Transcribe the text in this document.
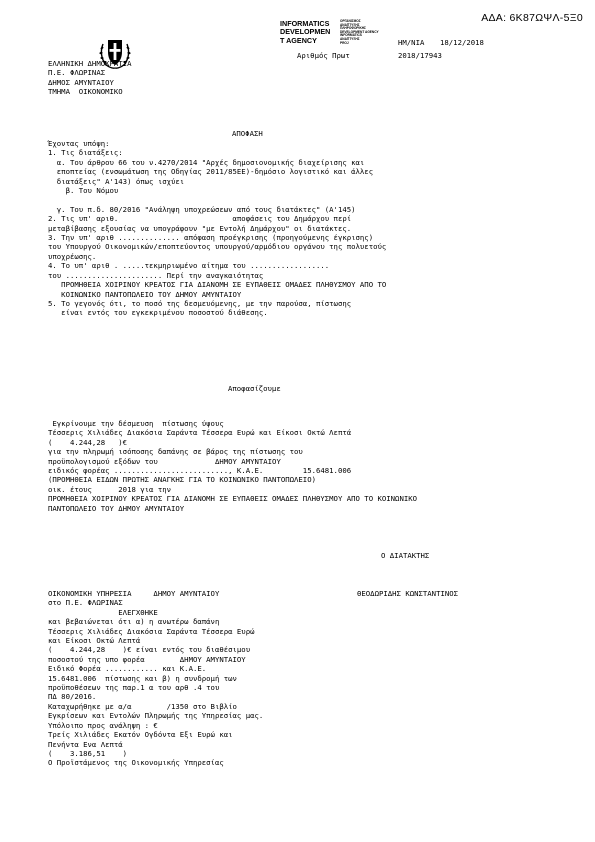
ΑΔΑ: 6Κ87ΩΨΛ-5Ξ0
INFORMATICS
DEVELOPMEN
T AGENCY
ΟΡΓΑΝΙΣΜΟΣ
ΑΝΑΠΤΥΞΗΣ
ΠΛΗΡΟΦΟΡΙΚΗΣ
DEVELOPMENT AGENCY
INFORMATICS
ΑΝΑΠΤΥΞΗΣ
PROJ	ΗΜ/ΝΙΑ 18/12/2018
Αριθμός Πρωτ	2018/17943

ΕΛΛΗΝΙΚΗ ΔΗΜΟΚΡΑΤΙΑ
Π.Ε. ΦΛΩΡΙΝΑΣ
ΔΗΜΟΣ ΑΜΥΝΤΑΙΟΥ
ΤΜΗΜΑ  ΟΙΚΟΝΟΜΙΚΟ
ΑΠΟΦΑΣΗ
Έχοντας υπόψη:
1. Τις διατάξεις:
α. Του άρθρου 66 του ν.4270/2014 "Αρχές δημοσιονομικής διαχείρισης και
εποπτείας (ενσωμάτωση της Οδηγίας 2011/85ΕΕ)-δημόσιο λογιστικό και άλλες
διατάξεις" Α'143) όπως ισχύει
β. Του Νόμου

γ. Του π.δ. 80/2016 "Ανάληψη υποχρεώσεων από τους διατάκτες" (Α'145)
2. Τις υπ' αριθ.                          αποφάσεις του Δημάρχου περί
μεταβίβασης εξουσίας να υπογράφουν "με Εντολή Δημάρχου" οι διατάκτες.
3. Την υπ' αριθ .............. απόφαση προέγκρισης (προηγούμενης έγκρισης)
του Υπουργού Οικονομικών/εποπτεύοντος υπουργού/αρμόδιου οργάνου της πολυετούς
υποχρέωσης.
4. Το υπ' αριθ . .....τεκμηριωμένο αίτημα του ..................
του ...................... Περί την αναγκαιότητας
ΠΡΟΜΗΘΕΙΑ ΧΟΙΡΙΝΟΥ ΚΡΕΑΤΟΣ ΓΙΑ ΔΙΑΝΟΜΗ ΣΕ ΕΥΠΑΘΕΙΣ ΟΜΑΔΕΣ ΠΛΗΘΥΣΜΟΥ ΑΠΟ ΤΟ
ΚΟΙΝΩΝΙΚΟ ΠΑΝΤΟΠΩΛΕΙΟ ΤΟΥ ΔΗΜΟΥ ΑΜΥΝΤΑΙΟΥ
5. Το γεγονός ότι, το ποσό της δεσμευόμενης, με την παρούσα, πίστωσης
είναι εντός του εγκεκριμένου ποσοστού διάθεσης.
Αποφασίζουμε
Εγκρίνουμε την δέσμευση  πίστωσης ύψους
Τέσσερις Χιλιάδες Διακόσια Σαράντα Τέσσερα Ευρώ και Είκοσι Οκτώ Λεπτά
(    4.244,28   )€
για την πληρωμή ισόποσης δαπάνης σε βάρος της πίστωσης του
προϋπολογισμού εξόδων του             ΔΗΜΟΥ ΑΜΥΝΤΑΙΟΥ
ειδικός φορέας .........................., Κ.Α.Ε.         15.6481.006
(ΠΡΟΜΗΘΕΙΑ ΕΙΔΩΝ ΠΡΩΤΗΣ ΑΝΑΓΚΗΣ ΓΙΑ ΤΟ ΚΟΙΝΩΝΙΚΟ ΠΑΝΤΟΠΩΛΕΙΟ)
οικ. έτους      2018 για την
ΠΡΟΜΗΘΕΙΑ ΧΟΙΡΙΝΟΥ ΚΡΕΑΤΟΣ ΓΙΑ ΔΙΑΝΟΜΗ ΣΕ ΕΥΠΑΘΕΙΣ ΟΜΑΔΕΣ ΠΛΗΘΥΣΜΟΥ ΑΠΟ ΤΟ ΚΟΙΝΩΝΙΚΟ
ΠΑΝΤΟΠΩΛΕΙΟ ΤΟΥ ΔΗΜΟΥ ΑΜΥΝΤΑΙΟΥ
Ο ΔΙΑΤΑΚΤΗΣ
ΟΙΚΟΝΟΜΙΚΗ ΥΠΗΡΕΣΙΑ     ΔΗΜΟΥ ΑΜΥΝΤΑΙΟΥ
στο Π.Ε. ΦΛΩΡΙΝΑΣ
ΕΛΕΓΧΘΗΚΕ
και βεβαιώνεται ότι α) η ανωτέρω δαπάνη
Τέσσερις Χιλιάδες Διακόσια Σαράντα Τέσσερα Ευρώ
και Είκοσι Οκτώ Λεπτά
(    4.244,28    )€ είναι εντός του διαθέσιμου
ποσοστού της υπο φορέα        ΔΗΜΟΥ ΑΜΥΝΤΑΙΟΥ
Ειδικό Φορέα ............ και Κ.Α.Ε.
15.6481.006  πίστωσης και β) η συνδρομή των
προϋποθέσεων της παρ.1 α του αρθ .4 του
ΠΔ 80/2016.
Καταχωρήθηκε με α/α        /1350 στο Βιβλίο
Εγκρίσεων και Εντολών Πληρωμής της Υπηρεσίας μας.
Υπόλοιπο προς ανάληψη : €
Τρείς Χιλιάδες Εκατόν Ογδόντα Εξι Ευρώ και
Πενήντα Ενα Λεπτά
(    3.186,51    )
Ο Προϊστάμενος της Οικονομικής Υπηρεσίας
ΘΕΟΔΩΡΙΔΗΣ ΚΩΝΣΤΑΝΤΙΝΟΣ
